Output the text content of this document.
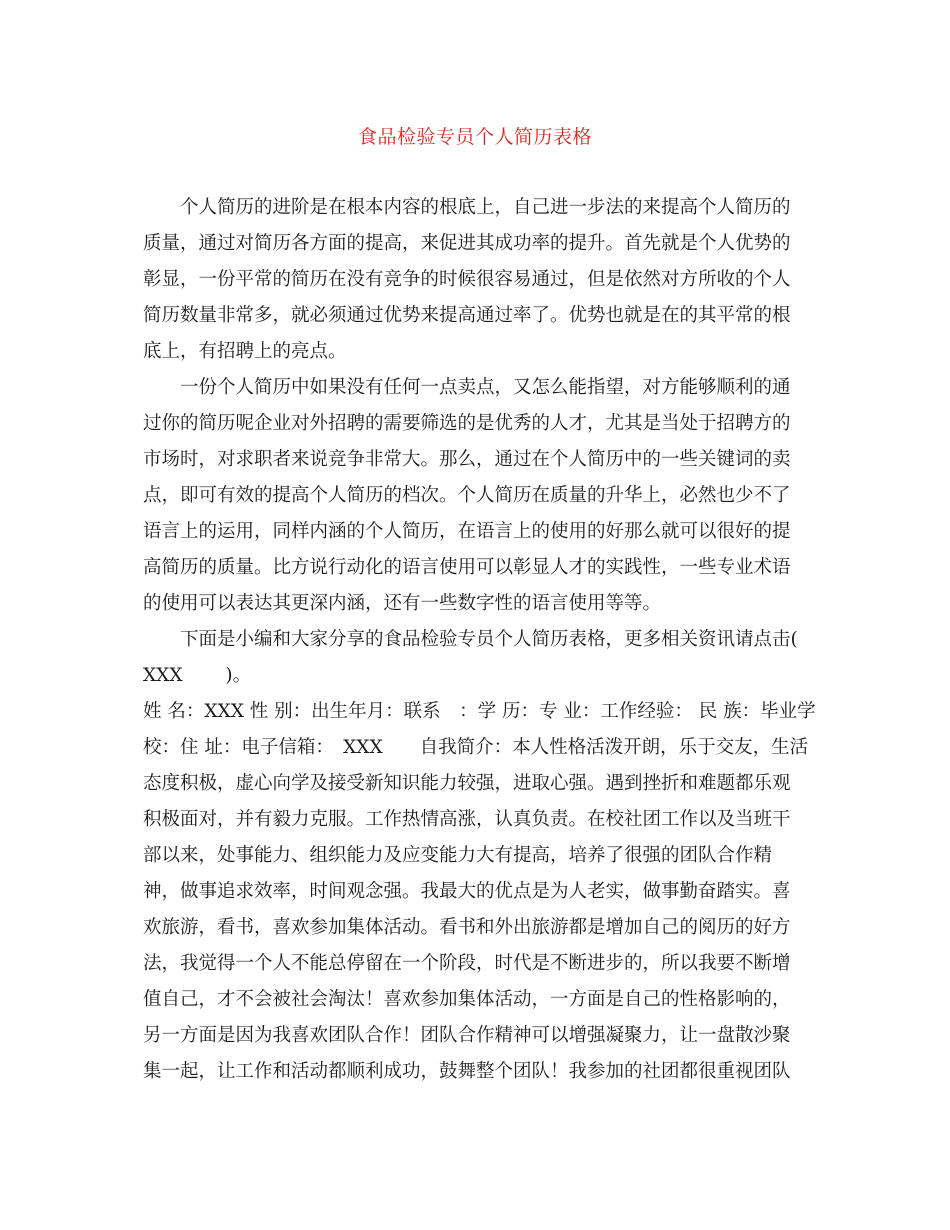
食品检验专员个人简历表格
个人简历的进阶是在根本内容的根底上，自己进一步法的来提高个人简历的
质量，通过对简历各方面的提高，来促进其成功率的提升。首先就是个人优势的
彰显，一份平常的简历在没有竞争的时候很容易通过，但是依然对方所收的个人
简历数量非常多，就必须通过优势来提高通过率了。优势也就是在的其平常的根
底上，有招聘上的亮点。
一份个人简历中如果没有任何一点卖点，又怎么能指望，对方能够顺利的通
过你的简历呢企业对外招聘的需要筛选的是优秀的人才，尤其是当处于招聘方的
市场时，对求职者来说竞争非常大。那么，通过在个人简历中的一些关键词的卖
点，即可有效的提高个人简历的档次。个人简历在质量的升华上，必然也少不了
语言上的运用，同样内涵的个人简历，在语言上的使用的好那么就可以很好的提
高简历的质量。比方说行动化的语言使用可以彰显人才的实践性，一些专业术语
的使用可以表达其更深内涵，还有一些数字性的语言使用等等。
下面是小编和大家分享的食品检验专员个人简历表格，更多相关资讯请点击(
XXX　　 )。
姓 名：XXX 性 别：出生年月：联系　：学 历：专 业：工作经验： 民 族：毕业学
校：住 址：电子信箱：　XXX　　自我简介：本人性格活泼开朗，乐于交友，生活
态度积极，虚心向学及接受新知识能力较强，进取心强。遇到挫折和难题都乐观
积极面对，并有毅力克服。工作热情高涨，认真负责。在校社团工作以及当班干
部以来，处事能力、组织能力及应变能力大有提高，培养了很强的团队合作精
神，做事追求效率，时间观念强。我最大的优点是为人老实，做事勤奋踏实。喜
欢旅游，看书，喜欢参加集体活动。看书和外出旅游都是增加自己的阅历的好方
法，我觉得一个人不能总停留在一个阶段，时代是不断进步的，所以我要不断增
值自己，才不会被社会淘汰！喜欢参加集体活动，一方面是自己的性格影响的，
另一方面是因为我喜欢团队合作！团队合作精神可以增强凝聚力，让一盘散沙聚
集一起，让工作和活动都顺利成功，鼓舞整个团队！我参加的社团都很重视团队
